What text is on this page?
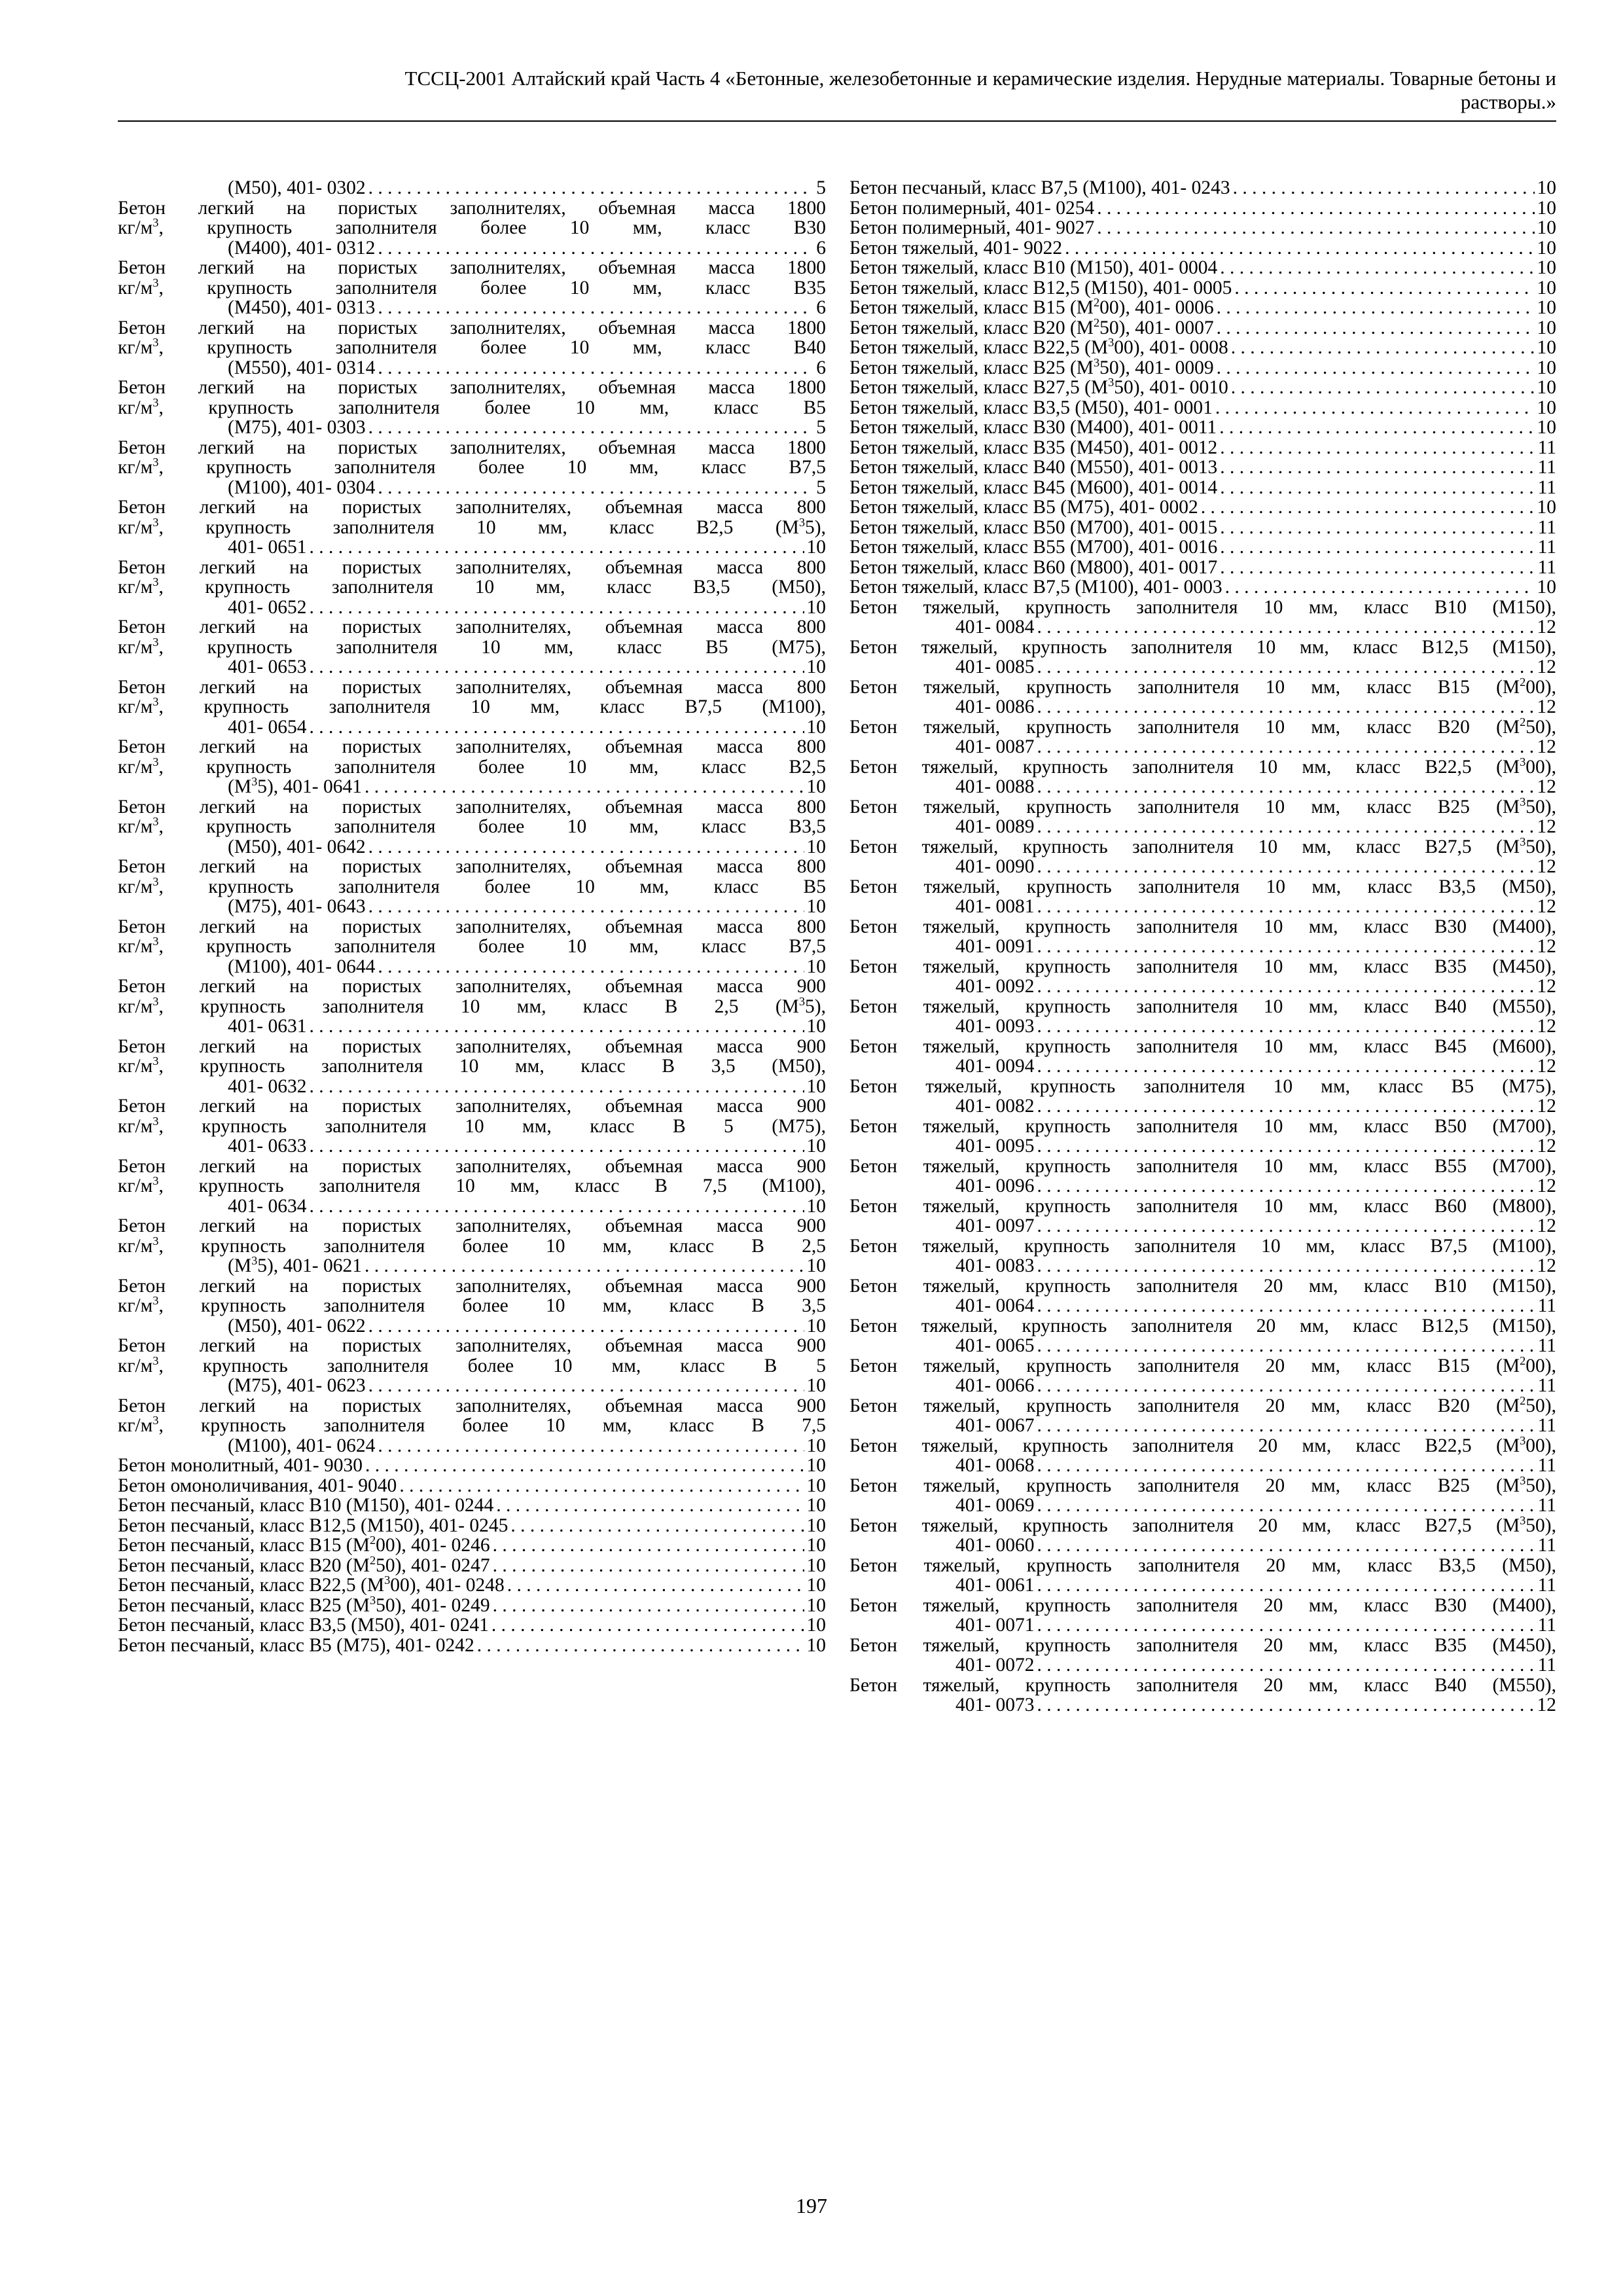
ТССЦ-2001 Алтайский край Часть 4 «Бетонные, железобетонные и керамические изделия. Нерудные материалы. Товарные бетоны и
растворы.»
(М50), 401- 0302 . . .	5
Бетон легкий на пористых заполнителях, объемная масса 1800
$кг/м^3$, крупность заполнителя более 10 мм, класс В30
(М400), 401- 0312 . . .	6
Бетон легкий на пористых заполнителях, объемная масса 1800
$кг/м^3$, крупность заполнителя более 10 мм, класс В35
(М450), 401- 0313 . . .	6
Бетон легкий на пористых заполнителях, объемная масса 1800
$кг/м^3$, крупность заполнителя более 10 мм, класс В40
(М550), 401- 0314 . . .	6
Бетон легкий на пористых заполнителях, объемная масса 1800
$кг/м^3$, крупность заполнителя более 10 мм, класс В5
(М75), 401- 0303 . . .	5
Бетон легкий на пористых заполнителях, объемная масса 1800
$кг/м^3$, крупность заполнителя более 10 мм, класс В7,5
(М100), 401- 0304 . . .	5
Бетон легкий на пористых заполнителях, объемная масса 800
$кг/м^3$, крупность заполнителя 10 мм, класс В2,5 $(М^35)$,
401- 0651 . . .	10
Бетон легкий на пористых заполнителях, объемная масса 800
$кг/м^3$, крупность заполнителя 10 мм, класс В3,5 (М50),
401- 0652 . . .	10
Бетон легкий на пористых заполнителях, объемная масса 800
$кг/м^3$, крупность заполнителя 10 мм, класс В5 (М75),
401- 0653 . . .	10
Бетон легкий на пористых заполнителях, объемная масса 800
$кг/м^3$, крупность заполнителя 10 мм, класс В7,5 (М100),
401- 0654 . . .	10
Бетон легкий на пористых заполнителях, объемная масса 800
$кг/м^3$, крупность заполнителя более 10 мм, класс В2,5
$(М^35)$, 401- 0641 . . .	10
Бетон легкий на пористых заполнителях, объемная масса 800
$кг/м^3$, крупность заполнителя более 10 мм, класс В3,5
(М50), 401- 0642 . . .	10
Бетон легкий на пористых заполнителях, объемная масса 800
$кг/м^3$, крупность заполнителя более 10 мм, класс В5
(М75), 401- 0643 . . .	10
Бетон легкий на пористых заполнителях, объемная масса 800
$кг/м^3$, крупность заполнителя более 10 мм, класс В7,5
(М100), 401- 0644 . . .	10
Бетон легкий на пористых заполнителях, объемная масса 900
$кг/м^3$, крупность заполнителя 10 мм, класс В 2,5 $(М^35)$,
401- 0631 . . .	10
Бетон легкий на пористых заполнителях, объемная масса 900
$кг/м^3$, крупность заполнителя 10 мм, класс В 3,5 (М50),
401- 0632 . . .	10
Бетон легкий на пористых заполнителях, объемная масса 900
$кг/м^3$, крупность заполнителя 10 мм, класс В 5 (М75),
401- 0633 . . .	10
Бетон легкий на пористых заполнителях, объемная масса 900
$кг/м^3$, крупность заполнителя 10 мм, класс В 7,5 (М100),
401- 0634 . . .	10
Бетон легкий на пористых заполнителях, объемная масса 900
$кг/м^3$, крупность заполнителя более 10 мм, класс В 2,5
$(М^35)$, 401- 0621 . . .	10
Бетон легкий на пористых заполнителях, объемная масса 900
$кг/м^3$, крупность заполнителя более 10 мм, класс В 3,5
(М50), 401- 0622 . . .	10
Бетон легкий на пористых заполнителях, объемная масса 900
$кг/м^3$, крупность заполнителя более 10 мм, класс В 5
(М75), 401- 0623 . . .	10
Бетон легкий на пористых заполнителях, объемная масса 900
$кг/м^3$, крупность заполнителя более 10 мм, класс В 7,5
(М100), 401- 0624 . . .	10
Бетон монолитный, 401- 9030 . . .	10
Бетон омоноличивания, 401- 9040 . . .	10
Бетон песчаный, класс В10 (М150), 401- 0244 . . .	10
Бетон песчаный, класс В12,5 (М150), 401- 0245 . . .	10
Бетон песчаный, класс В15 $(М^200)$, 401- 0246 . . .	10
Бетон песчаный, класс В20 $(М^250)$, 401- 0247 . . .	10
Бетон песчаный, класс В22,5 $(М^300)$, 401- 0248 . . .	10
Бетон песчаный, класс В25 $(М^350)$, 401- 0249 . . .	10
Бетон песчаный, класс В3,5 (М50), 401- 0241 . . .	10
Бетон песчаный, класс В5 (М75), 401- 0242 . . .	10
Бетон песчаный, класс В7,5 (М100), 401- 0243 . . .	10
Бетон полимерный, 401- 0254 . . .	10
Бетон полимерный, 401- 9027 . . .	10
Бетон тяжелый, 401- 9022 . . .	10
Бетон тяжелый, класс В10 (М150), 401- 0004 . . .	10
Бетон тяжелый, класс В12,5 (М150), 401- 0005 . . .	10
Бетон тяжелый, класс В15 $(М^200)$, 401- 0006 . . .	10
Бетон тяжелый, класс В20 $(М^250)$, 401- 0007 . . .	10
Бетон тяжелый, класс В22,5 $(М^300)$, 401- 0008 . . .	10
Бетон тяжелый, класс В25 $(М^350)$, 401- 0009 . . .	10
Бетон тяжелый, класс В27,5 $(М^350)$, 401- 0010 . . .	10
Бетон тяжелый, класс В3,5 (М50), 401- 0001 . . .	10
Бетон тяжелый, класс В30 (М400), 401- 0011 . . .	10
Бетон тяжелый, класс В35 (М450), 401- 0012 . . .	11
Бетон тяжелый, класс В40 (М550), 401- 0013 . . .	11
Бетон тяжелый, класс В45 (М600), 401- 0014 . . .	11
Бетон тяжелый, класс В5 (М75), 401- 0002 . . .	10
Бетон тяжелый, класс В50 (М700), 401- 0015 . . .	11
Бетон тяжелый, класс В55 (М700), 401- 0016 . . .	11
Бетон тяжелый, класс В60 (М800), 401- 0017 . . .	11
Бетон тяжелый, класс В7,5 (М100), 401- 0003 . . .	10
Бетон тяжелый, крупность заполнителя 10 мм, класс В10 (М150),
401- 0084 . . .	12
Бетон тяжелый, крупность заполнителя 10 мм, класс В12,5 (М150),
401- 0085 . . .	12
Бетон тяжелый, крупность заполнителя 10 мм, класс В15 $(М^200)$,
401- 0086 . . .	12
Бетон тяжелый, крупность заполнителя 10 мм, класс В20 $(М^250)$,
401- 0087 . . .	12
Бетон тяжелый, крупность заполнителя 10 мм, класс В22,5 $(М^300)$,
401- 0088 . . .	12
Бетон тяжелый, крупность заполнителя 10 мм, класс В25 $(М^350)$,
401- 0089 . . .	12
Бетон тяжелый, крупность заполнителя 10 мм, класс В27,5 $(М^350)$,
401- 0090 . . .	12
Бетон тяжелый, крупность заполнителя 10 мм, класс В3,5 (М50),
401- 0081 . . .	12
Бетон тяжелый, крупность заполнителя 10 мм, класс В30 (М400),
401- 0091 . . .	12
Бетон тяжелый, крупность заполнителя 10 мм, класс В35 (М450),
401- 0092 . . .	12
Бетон тяжелый, крупность заполнителя 10 мм, класс В40 (М550),
401- 0093 . . .	12
Бетон тяжелый, крупность заполнителя 10 мм, класс В45 (М600),
401- 0094 . . .	12
Бетон тяжелый, крупность заполнителя 10 мм, класс В5 (М75),
401- 0082 . . .	12
Бетон тяжелый, крупность заполнителя 10 мм, класс В50 (М700),
401- 0095 . . .	12
Бетон тяжелый, крупность заполнителя 10 мм, класс В55 (М700),
401- 0096 . . .	12
Бетон тяжелый, крупность заполнителя 10 мм, класс В60 (М800),
401- 0097 . . .	12
Бетон тяжелый, крупность заполнителя 10 мм, класс В7,5 (М100),
401- 0083 . . .	12
Бетон тяжелый, крупность заполнителя 20 мм, класс В10 (М150),
401- 0064 . . .	11
Бетон тяжелый, крупность заполнителя 20 мм, класс В12,5 (М150),
401- 0065 . . .	11
Бетон тяжелый, крупность заполнителя 20 мм, класс В15 $(М^200)$,
401- 0066 . . .	11
Бетон тяжелый, крупность заполнителя 20 мм, класс В20 $(М^250)$,
401- 0067 . . .	11
Бетон тяжелый, крупность заполнителя 20 мм, класс В22,5 $(М^300)$,
401- 0068 . . .	11
Бетон тяжелый, крупность заполнителя 20 мм, класс В25 $(М^350)$,
401- 0069 . . .	11
Бетон тяжелый, крупность заполнителя 20 мм, класс В27,5 $(М^350)$,
401- 0060 . . .	11
Бетон тяжелый, крупность заполнителя 20 мм, класс В3,5 (М50),
401- 0061 . . .	11
Бетон тяжелый, крупность заполнителя 20 мм, класс В30 (М400),
401- 0071 . . .	11
Бетон тяжелый, крупность заполнителя 20 мм, класс В35 (М450),
401- 0072 . . .	11
Бетон тяжелый, крупность заполнителя 20 мм, класс В40 (М550),
401- 0073 . . .	12
197
